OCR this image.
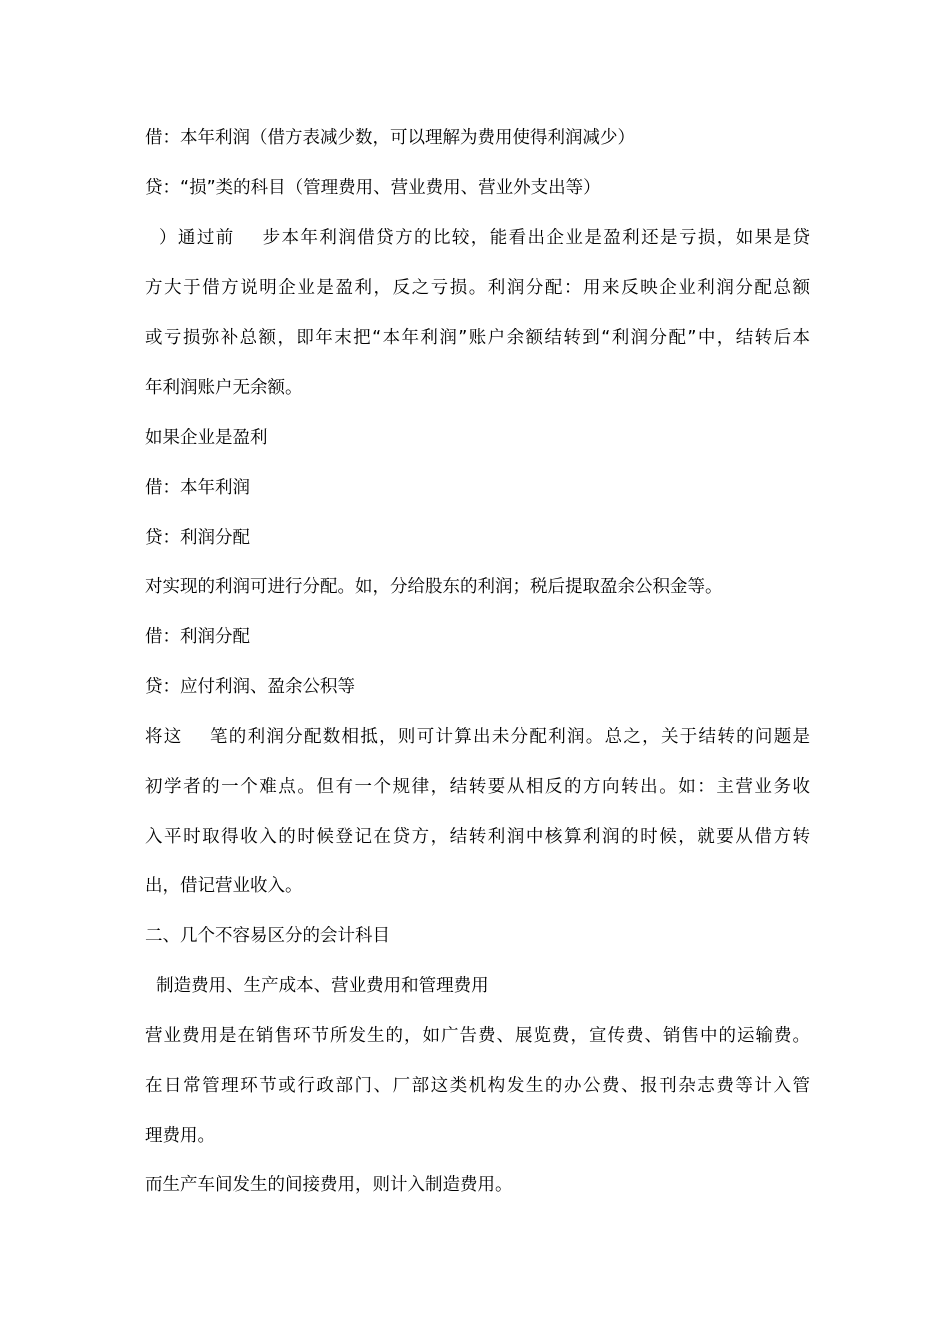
借：本年利润（借方表减少数，可以理解为费用使得利润减少）
贷：“损”类的科目（管理费用、营业费用、营业外支出等）
）通过前    步本年利润借贷方的比较，能看出企业是盈利还是亏损，如果是贷
方大于借方说明企业是盈利，反之亏损。利润分配：用来反映企业利润分配总额
或亏损弥补总额，即年末把“本年利润”账户余额结转到“利润分配”中，结转后本
年利润账户无余额。
如果企业是盈利
借：本年利润
贷：利润分配
对实现的利润可进行分配。如，分给股东的利润；税后提取盈余公积金等。
借：利润分配
贷：应付利润、盈余公积等
将这    笔的利润分配数相抵，则可计算出未分配利润。总之，关于结转的问题是
初学者的一个难点。但有一个规律，结转要从相反的方向转出。如：主营业务收
入平时取得收入的时候登记在贷方，结转利润中核算利润的时候，就要从借方转
出，借记营业收入。
二、几个不容易区分的会计科目
制造费用、生产成本、营业费用和管理费用
营业费用是在销售环节所发生的，如广告费、展览费，宣传费、销售中的运输费。
在日常管理环节或行政部门、厂部这类机构发生的办公费、报刊杂志费等计入管
理费用。
而生产车间发生的间接费用，则计入制造费用。
